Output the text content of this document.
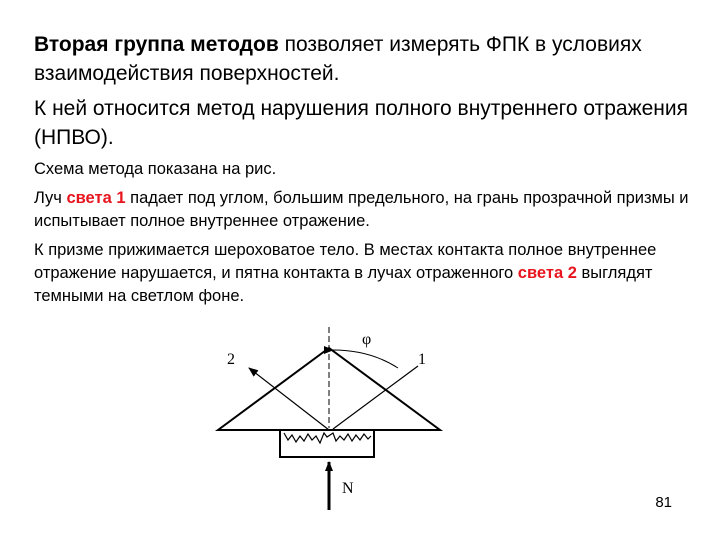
Вторая группа методов позволяет измерять ФПК в условиях взаимодействия поверхностей.

К ней относится метод нарушения полного внутреннего отражения (НПВО).

Схема метода показана на рис.

Луч света 1 падает под углом, большим предельного, на грань прозрачной призмы и испытывает полное внутреннее отражение.

К призме прижимается шероховатое тело. В местах контакта полное внутреннее отражение нарушается, и пятна контакта в лучах отраженного света 2 выглядят темными на светлом фоне.

2	1
φ
N
81
